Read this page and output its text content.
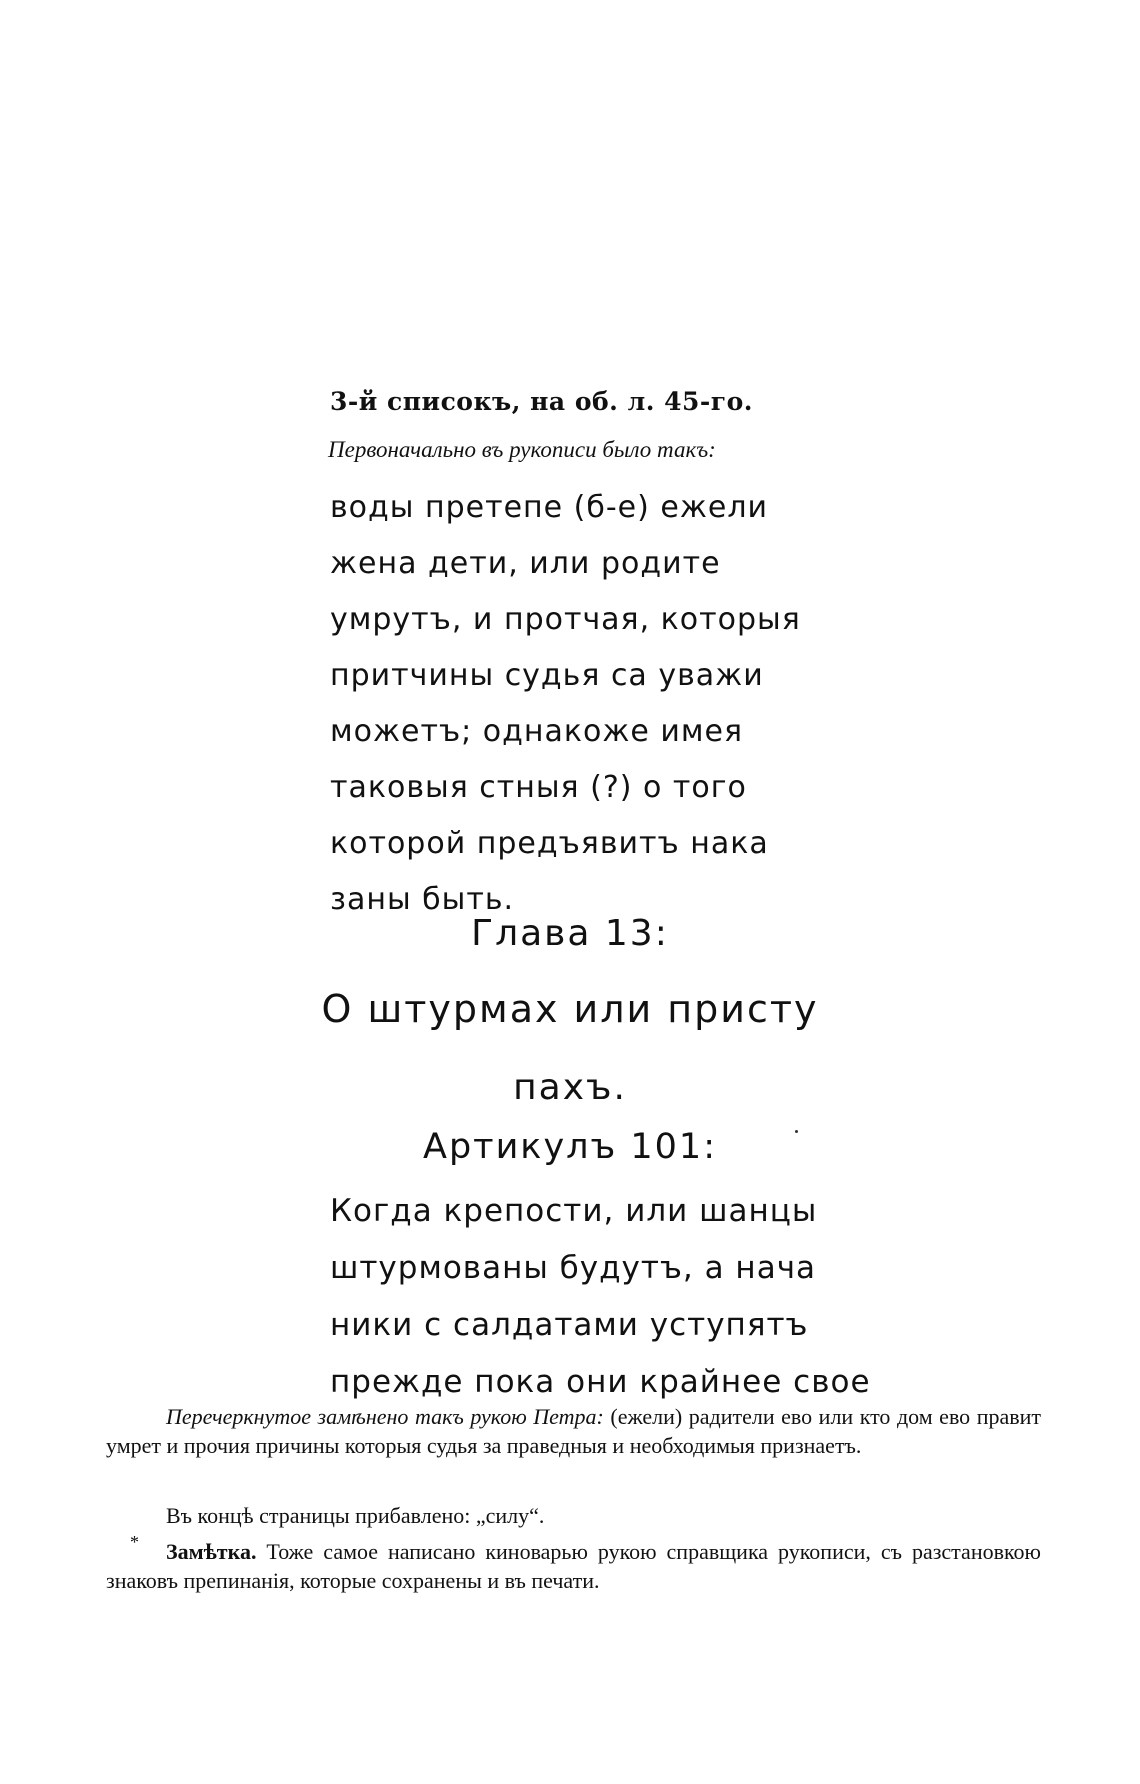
3-й списокъ, на об. л. 45-го.
Первоначально въ рукописи было такъ:
воды претепе (б-е) ежели
жена дети, или родите
умрутъ, и протчая, которыя
притчины судья са уважи
можетъ; однакоже имея
таковыя стныя (?) о того
которой предъявитъ нака
заны быть.
Глава 13:
О штурмах или присту
пахъ.
Артикулъ 101:
Когда крепости, или шанцы
штурмованы будутъ, а нача
ники с салдатами уступятъ
прежде пока они крайнее свое
Перечеркнутое замѣнено такъ рукою Петра: (ежели) радители ево или кто дом ево правит умрет и прочия причины которыя судья за праведныя и необходимыя признаетъ.
Въ концѣ страницы прибавлено: „силу“.
*	Замѣтка. Тоже самое написано киноварью рукою справщика рукописи, съ разстановкою знаковъ препинанія, которые сохранены и въ печати.
